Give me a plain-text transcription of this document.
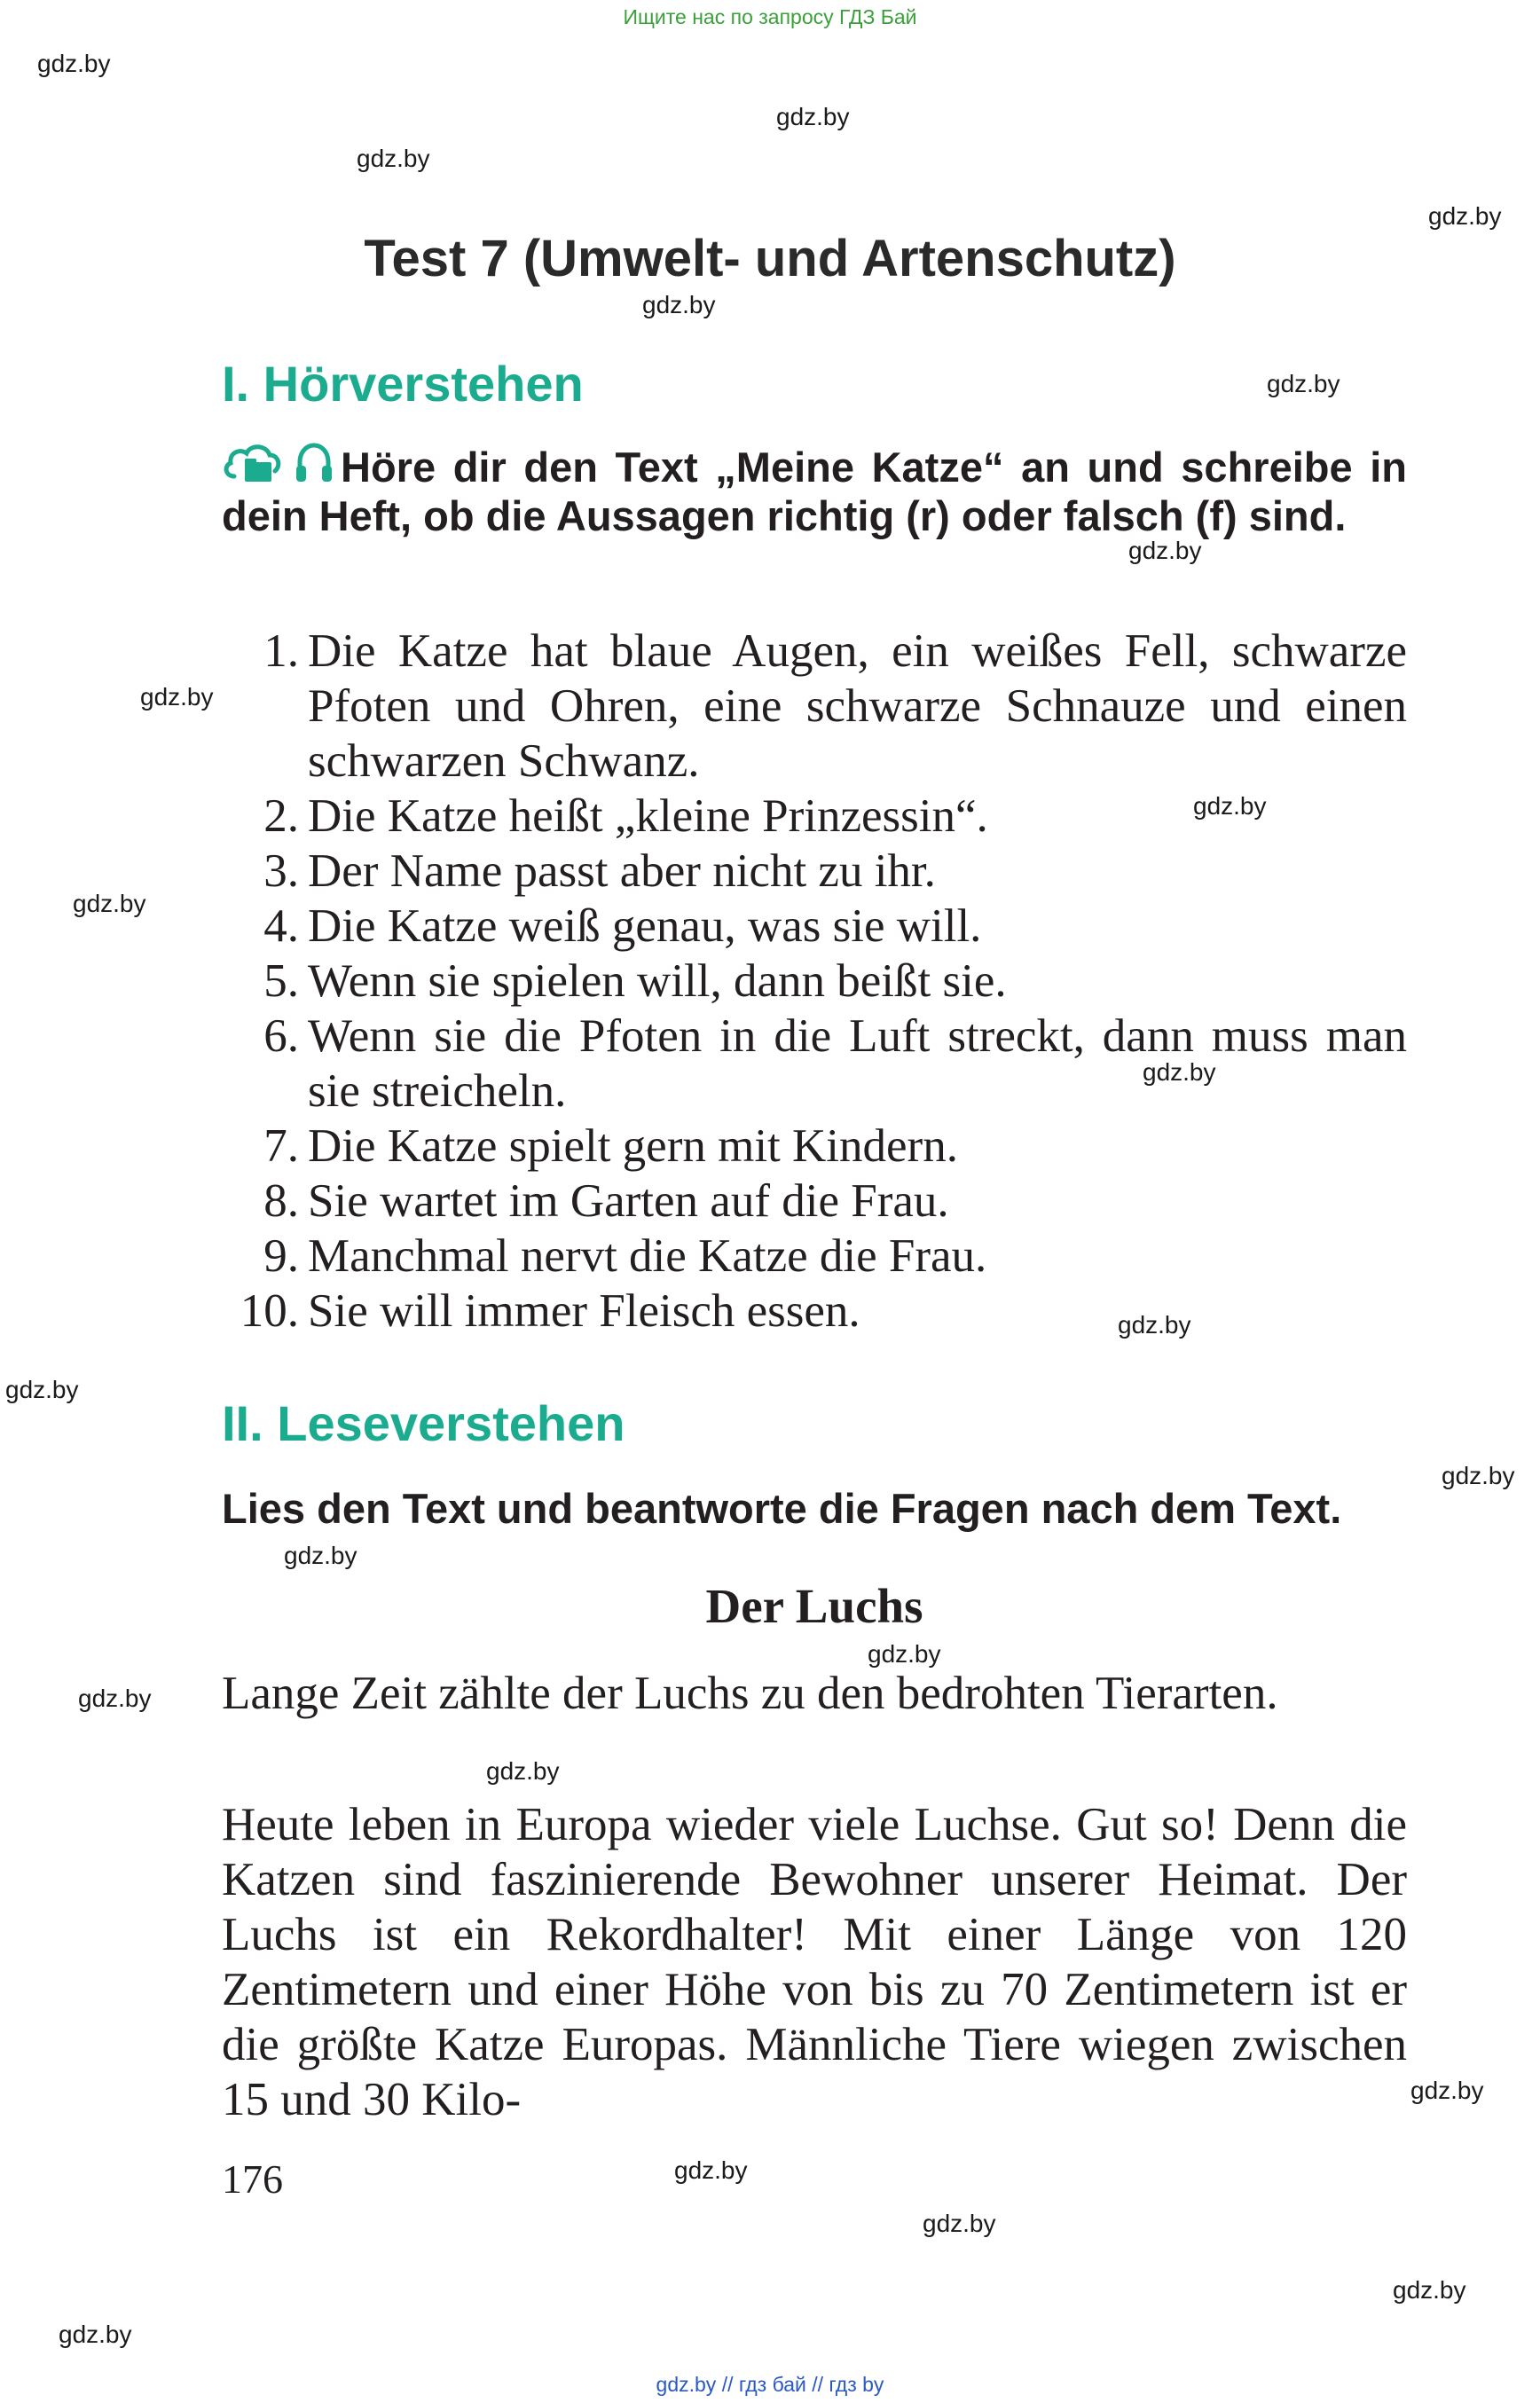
Ищите нас по запросу ГДЗ Бай
gdz.by
gdz.by
gdz.by
gdz.by
gdz.by
gdz.by
gdz.by
gdz.by
gdz.by
gdz.by
gdz.by
gdz.by
gdz.by
gdz.by
gdz.by
gdz.by
gdz.by
gdz.by
gdz.by
gdz.by
gdz.by
gdz.by
gdz.by
Test 7 (Umwelt- und Artenschutz)
I. Hörverstehen
Höre dir den Text „Meine Katze“ an und schreibe in dein Heft, ob die Aussagen richtig (r) oder falsch (f) sind.
1. Die Katze hat blaue Augen, ein weißes Fell, schwarze Pfoten und Ohren, eine schwarze Schnauze und einen schwarzen Schwanz.
2. Die Katze heißt „kleine Prinzessin“.
3. Der Name passt aber nicht zu ihr.
4. Die Katze weiß genau, was sie will.
5. Wenn sie spielen will, dann beißt sie.
6. Wenn sie die Pfoten in die Luft streckt, dann muss man sie streicheln.
7. Die Katze spielt gern mit Kindern.
8. Sie wartet im Garten auf die Frau.
9. Manchmal nervt die Katze die Frau.
10. Sie will immer Fleisch essen.
II. Leseverstehen
Lies den Text und beantworte die Fragen nach dem Text.
Der Luchs
Lange Zeit zählte der Luchs zu den bedrohten Tierarten.
Heute leben in Europa wieder viele Luchse. Gut so! Denn die Katzen sind faszinierende Bewohner unserer Heimat. Der Luchs ist ein Rekordhalter! Mit einer Länge von 120 Zentimetern und einer Höhe von bis zu 70 Zentimetern ist er die größte Katze Europas. Männliche Tiere wiegen zwischen 15 und 30 Kilo-
176
gdz.by // гдз бай // гдз by
